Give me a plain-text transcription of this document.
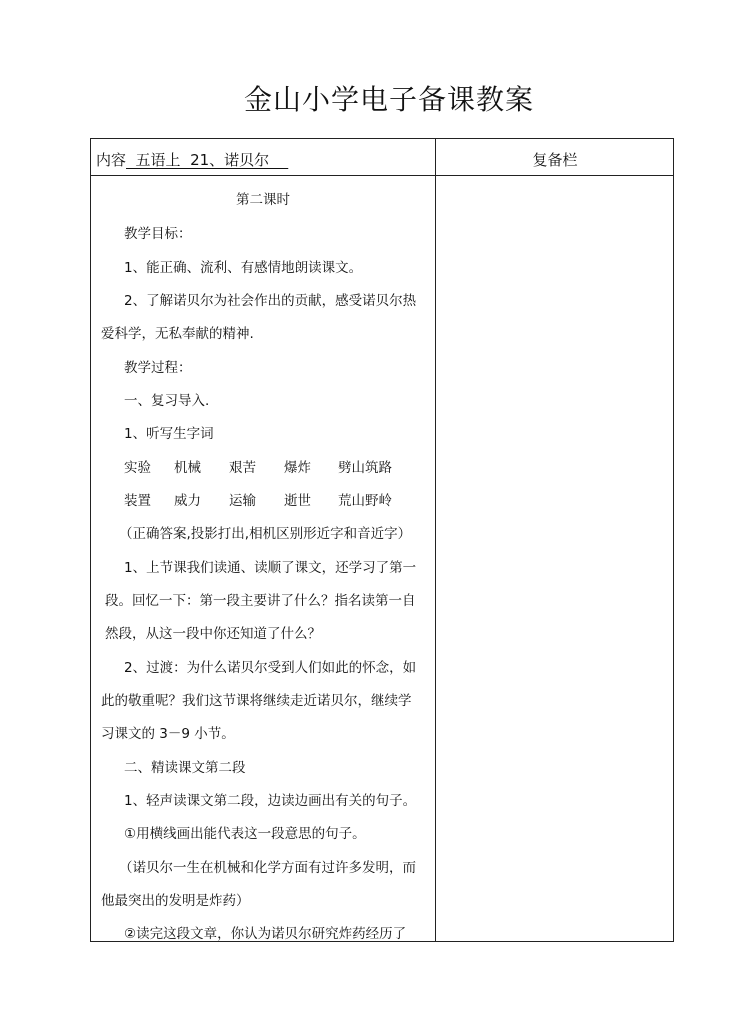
金山小学电子备课教案
内容  五语上  21、诺贝尔	复备栏
第二课时
教学目标：
1、能正确、流利、有感情地朗读课文。
2、了解诺贝尔为社会作出的贡献，感受诺贝尔热
爱科学，无私奉献的精神.
教学过程：
一、复习导入.
1、听写生字词
实验 机械 艰苦 爆炸 劈山筑路
装置 威力 运输 逝世 荒山野岭
（正确答案,投影打出,相机区别形近字和音近字）
1、上节课我们读通、读顺了课文，还学习了第一
段。回忆一下：第一段主要讲了什么？指名读第一自
然段，从这一段中你还知道了什么？
2、过渡：为什么诺贝尔受到人们如此的怀念，如
此的敬重呢？我们这节课将继续走近诺贝尔，继续学
习课文的 3－9 小节。
二、精读课文第二段
1、轻声读课文第二段，边读边画出有关的句子。
①用横线画出能代表这一段意思的句子。
（诺贝尔一生在机械和化学方面有过许多发明，而
他最突出的发明是炸药）
②读完这段文章，你认为诺贝尔研究炸药经历了
